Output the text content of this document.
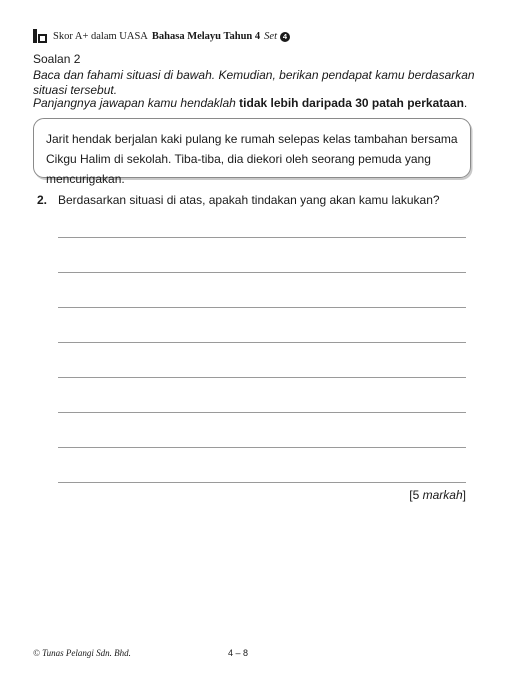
Skor A+ dalam UASA Bahasa Melayu Tahun 4 Set 4
Soalan 2
Baca dan fahami situasi di bawah. Kemudian, berikan pendapat kamu berdasarkan situasi tersebut.
Panjangnya jawapan kamu hendaklah tidak lebih daripada 30 patah perkataan.
Jarit hendak berjalan kaki pulang ke rumah selepas kelas tambahan bersama Cikgu Halim di sekolah. Tiba-tiba, dia diekori oleh seorang pemuda yang mencurigakan.
2. Berdasarkan situasi di atas, apakah tindakan yang akan kamu lakukan?
[5 markah]
© Tunas Pelangi Sdn. Bhd.	4 – 8
